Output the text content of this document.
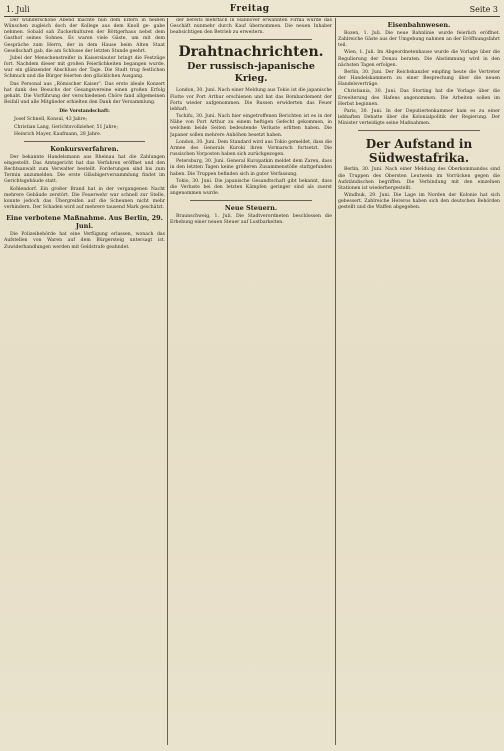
1. Juli	Freitag	Seite 3

Der wunderschöne Abend machte nun dem Eltern in heißen Wünschen zugleich doch der Kollege aus dem Knoll ge- gabe nehmen. Sobald sah Zuckerkulturen der Böttgerhaus nebst dem Gasthof seines Sohnes. Es waren viele Gäste, um mit dem Gespräche zum Herrn, der in dem Hause beim Alten Staat Gesellschaft gab, die am Schlusse der letzten Stunde geehrt.

Jubel der Menschenstreifer in Kaiserslauter bringt die Festzüge fort. Nachdem dieser mit großen Feierlichkeiten begangen wurde, war ein glänzender Abschluss der Tage. Die Stadt trug festlichen Schmuck und die Bürger feierten den glücklichen Ausgang.

Das Personal aus „Römischer Kaiser“. Das erste ideale Konzert hat dank des Besuchs der Gesangsvereine einen großen Erfolg gehabt. Die Vorführung der verschiedenen Chöre fand allgemeinen Beifall und alle Mitglieder erhielten den Dank der Versammlung.

Die Vorstandschaft:

Josef Schnell, Konsul, 43 Jahre;

Christian Lang, Gerichtsvollzieher, 51 Jahre;

Heinrich Mayer, Kaufmann, 28 Jahre.

Konkursverfahren.

Der bekannte Handelsmann aus Rheinau hat die Zahlungen eingestellt. Das Amtsgericht hat das Verfahren eröffnet und den Rechtsanwalt zum Verwalter bestellt. Forderungen sind bis zum Termin anzumelden. Die erste Gläubigerversammlung findet im Gerichtsgebäude statt.

Kohlendorf. Ein großer Brand hat in der vergangenen Nacht mehrere Gebäude zerstört. Die Feuerwehr war schnell zur Stelle, konnte jedoch das Übergreifen auf die Scheunen nicht mehr verhindern. Der Schaden wird auf mehrere tausend Mark geschätzt.

Eine verbotene Maßnahme. Aus Berlin, 29. Juni.

Die Polizeibehörde hat eine Verfügung erlassen, wonach das Aufstellen von Waren auf dem Bürgersteig untersagt ist. Zuwiderhandlungen werden mit Geldstrafe geahndet.

der bereits mehrfach in Hannover erwähnten Firma wurde das Geschäft nunmehr durch Kauf übernommen. Die neuen Inhaber beabsichtigen den Betrieb zu erweitern.

Drahtnachrichten.

Der russisch-japanische Krieg.

London, 30. Juni. Nach einer Meldung aus Tokio ist die japanische Flotte vor Port Arthur erschienen und hat das Bombardement der Forts wieder aufgenommen. Die Russen erwiderten das Feuer lebhaft.

Tschifu, 30. Juni. Nach hier eingetroffenen Berichten ist es in der Nähe von Port Arthur zu einem heftigen Gefecht gekommen, in welchem beide Seiten bedeutende Verluste erlitten haben. Die Japaner sollen mehrere Anhöhen besetzt haben.

London, 30. Juni. Dem Standard wird aus Tokio gemeldet, dass die Armee des Generals Kuroki ihren Vormarsch fortsetzt. Die russischen Vorposten haben sich zurückgezogen.

Petersburg, 30. Juni. General Kuropatkin meldet dem Zaren, dass in den letzten Tagen keine größeren Zusammenstöße stattgefunden haben. Die Truppen befinden sich in guter Verfassung.

Tokio, 30. Juni. Die japanische Gesandtschaft gibt bekannt, dass die Verluste bei den letzten Kämpfen geringer sind als zuerst angenommen wurde.

Neue Steuern.

Braunschweig, 1. Juli. Die Stadtverordneten beschlossen die Erhebung einer neuen Steuer auf Lustbarkeiten.

Eisenbahnwesen.

Bozen, 1. Juli. Die neue Bahnlinie wurde feierlich eröffnet. Zahlreiche Gäste aus der Umgebung nahmen an der Eröffnungsfahrt teil.

Wien, 1. Juli. Im Abgeordnetenhause wurde die Vorlage über die Regulierung der Donau beraten. Die Abstimmung wird in den nächsten Tagen erfolgen.

Berlin, 30. Juni. Der Reichskanzler empfing heute die Vertreter der Handelskammern zu einer Besprechung über die neuen Handelsverträge.

Christiania, 30. Juni. Das Storting hat die Vorlage über die Erweiterung des Hafens angenommen. Die Arbeiten sollen im Herbst beginnen.

Paris, 30. Juni. In der Deputiertenkammer kam es zu einer lebhaften Debatte über die Kolonialpolitik der Regierung. Der Minister verteidigte seine Maßnahmen.

Der Aufstand in Südwestafrika.

Berlin, 30. Juni. Nach einer Meldung des Oberkommandos sind die Truppen des Obersten Leutwein im Vorrücken gegen die Aufständischen begriffen. Die Verbindung mit den einzelnen Stationen ist wiederhergestellt.

Windhuk, 29. Juni. Die Lage im Norden der Kolonie hat sich gebessert. Zahlreiche Hereros haben sich den deutschen Behörden gestellt und die Waffen abgegeben.
